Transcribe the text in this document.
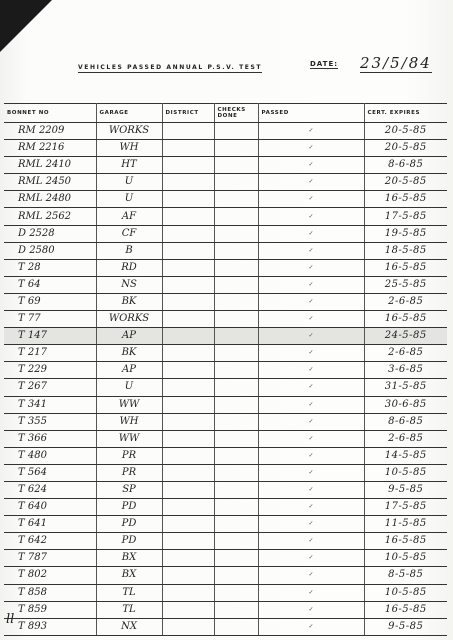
VEHICLES PASSED ANNUAL P.S.V. TEST	DATE: 23/5/84
BONNET NO	GARAGE	DISTRICT	CHECKS DONE	PASSED	CERT. EXPIRES
RM 2209	WORKS			✓	20-5-85
RM 2216	WH			✓	20-5-85
RML 2410	HT			✓	8-6-85
RML 2450	U			✓	20-5-85
RML 2480	U			✓	16-5-85
RML 2562	AF			✓	17-5-85
D 2528	CF			✓	19-5-85
D 2580	B			✓	18-5-85
T 28	RD			✓	16-5-85
T 64	NS			✓	25-5-85
T 69	BK			✓	2-6-85
T 77	WORKS			✓	16-5-85
T 147	AP			✓	24-5-85
T 217	BK			✓	2-6-85
T 229	AP			✓	3-6-85
T 267	U			✓	31-5-85
T 341	WW			✓	30-6-85
T 355	WH			✓	8-6-85
T 366	WW			✓	2-6-85
T 480	PR			✓	14-5-85
T 564	PR			✓	10-5-85
T 624	SP			✓	9-5-85
T 640	PD			✓	17-5-85
T 641	PD			✓	11-5-85
T 642	PD			✓	16-5-85
T 787	BX			✓	10-5-85
T 802	BX			✓	8-5-85
T 858	TL			✓	10-5-85
T 859	TL			✓	16-5-85
T 893	NX			✓	9-5-85
ll
